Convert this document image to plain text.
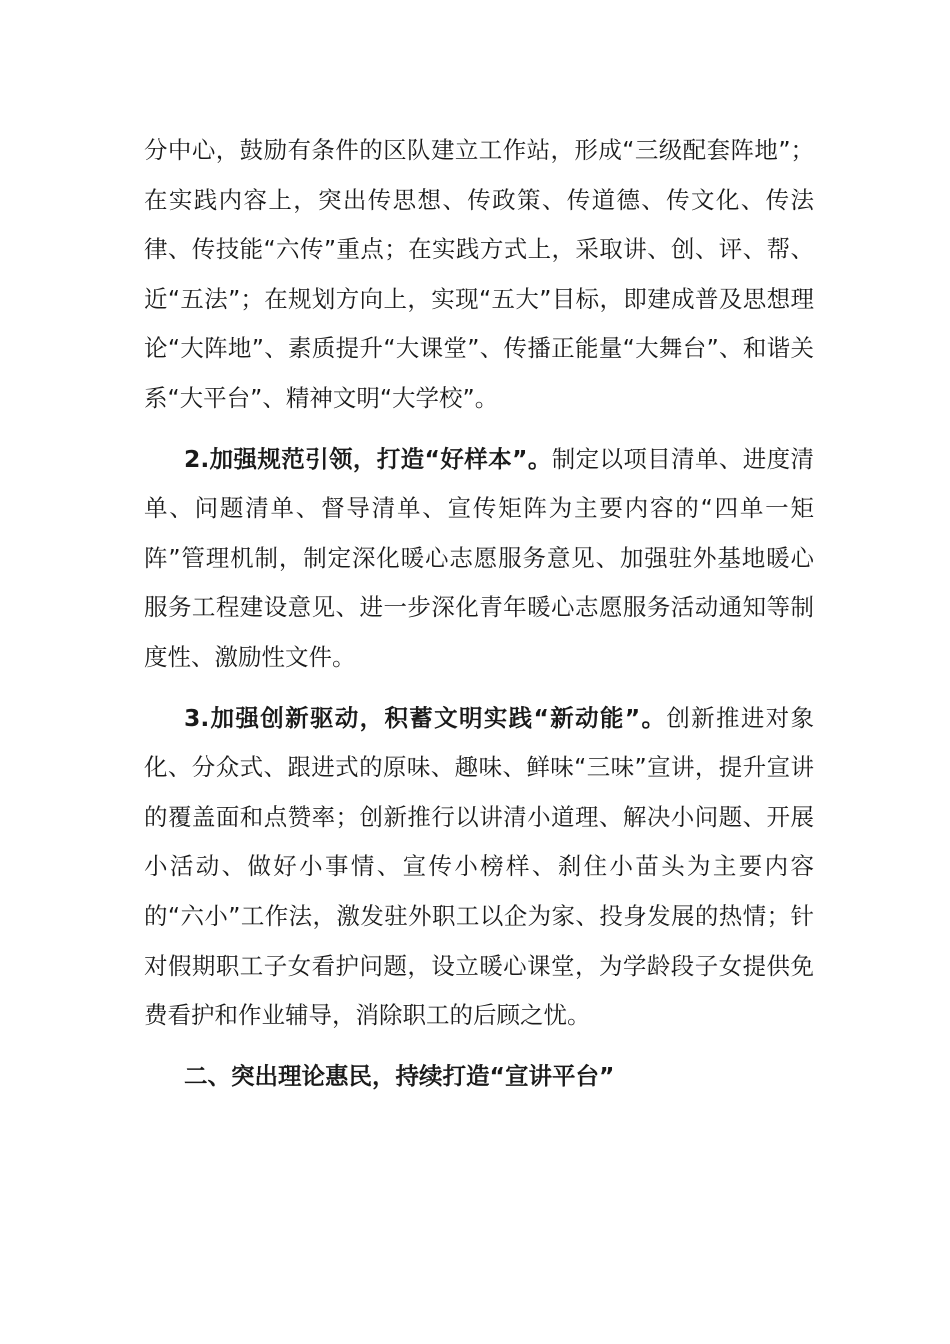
分中心，鼓励有条件的区队建立工作站，形成“三级配套阵地”；在实践内容上，突出传思想、传政策、传道德、传文化、传法律、传技能“六传”重点；在实践方式上，采取讲、创、评、帮、近“五法”；在规划方向上，实现“五大”目标，即建成普及思想理论“大阵地”、素质提升“大课堂”、传播正能量“大舞台”、和谐关系“大平台”、精神文明“大学校”。

2.加强规范引领，打造“好样本”。制定以项目清单、进度清单、问题清单、督导清单、宣传矩阵为主要内容的“四单一矩阵”管理机制，制定深化暖心志愿服务意见、加强驻外基地暖心服务工程建设意见、进一步深化青年暖心志愿服务活动通知等制度性、激励性文件。

3.加强创新驱动，积蓄文明实践“新动能”。创新推进对象化、分众式、跟进式的原味、趣味、鲜味“三味”宣讲，提升宣讲的覆盖面和点赞率；创新推行以讲清小道理、解决小问题、开展小活动、做好小事情、宣传小榜样、刹住小苗头为主要内容的“六小”工作法，激发驻外职工以企为家、投身发展的热情；针对假期职工子女看护问题，设立暖心课堂，为学龄段子女提供免费看护和作业辅导，消除职工的后顾之忧。

二、突出理论惠民，持续打造“宣讲平台”
